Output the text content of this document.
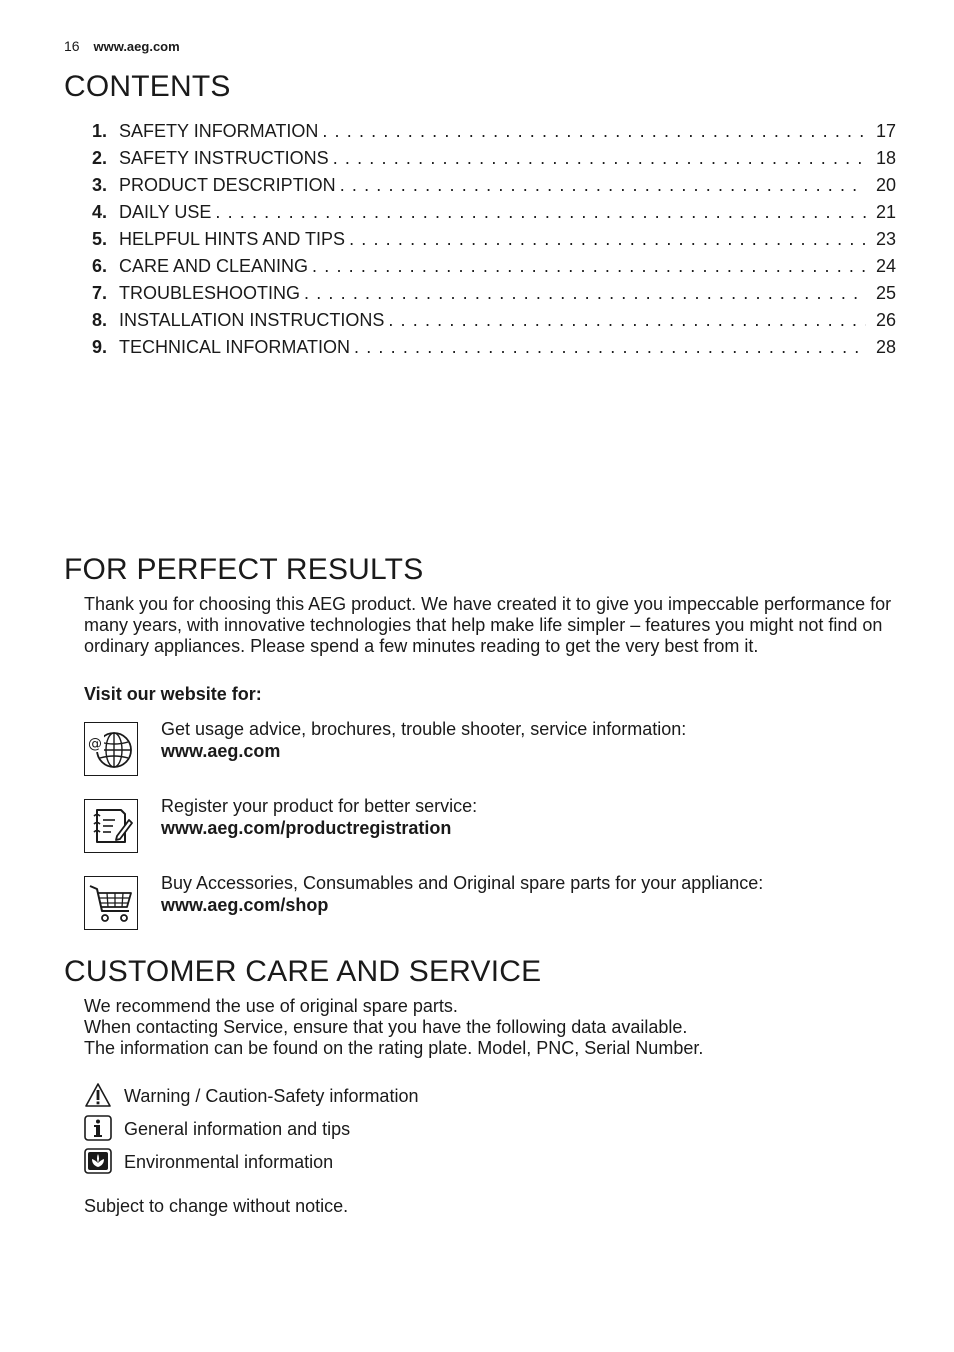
16 www.aeg.com
CONTENTS
1. SAFETY INFORMATION . . .	17
2. SAFETY INSTRUCTIONS . . .	18
3. PRODUCT DESCRIPTION . . .	20
4. DAILY USE . . .	21
5. HELPFUL HINTS AND TIPS . . .	23
6. CARE AND CLEANING . . .	24
7. TROUBLESHOOTING . . .	25
8. INSTALLATION INSTRUCTIONS . . .	26
9. TECHNICAL INFORMATION . . .	28
FOR PERFECT RESULTS

Thank you for choosing this AEG product. We have created it to give you impeccable performance for many years, with innovative technologies that help make life simpler – features you might not find on ordinary appliances. Please spend a few minutes reading to get the very best from it.

Visit our website for:

@
Get usage advice, brochures, trouble shooter, service information:
www.aeg.com
Register your product for better service:
www.aeg.com/productregistration
Buy Accessories, Consumables and Original spare parts for your appliance:
www.aeg.com/shop
CUSTOMER CARE AND SERVICE

We recommend the use of original spare parts.
When contacting Service, ensure that you have the following data available.
The information can be found on the rating plate. Model, PNC, Serial Number.

Warning / Caution-Safety information
General information and tips
Environmental information

Subject to change without notice.
